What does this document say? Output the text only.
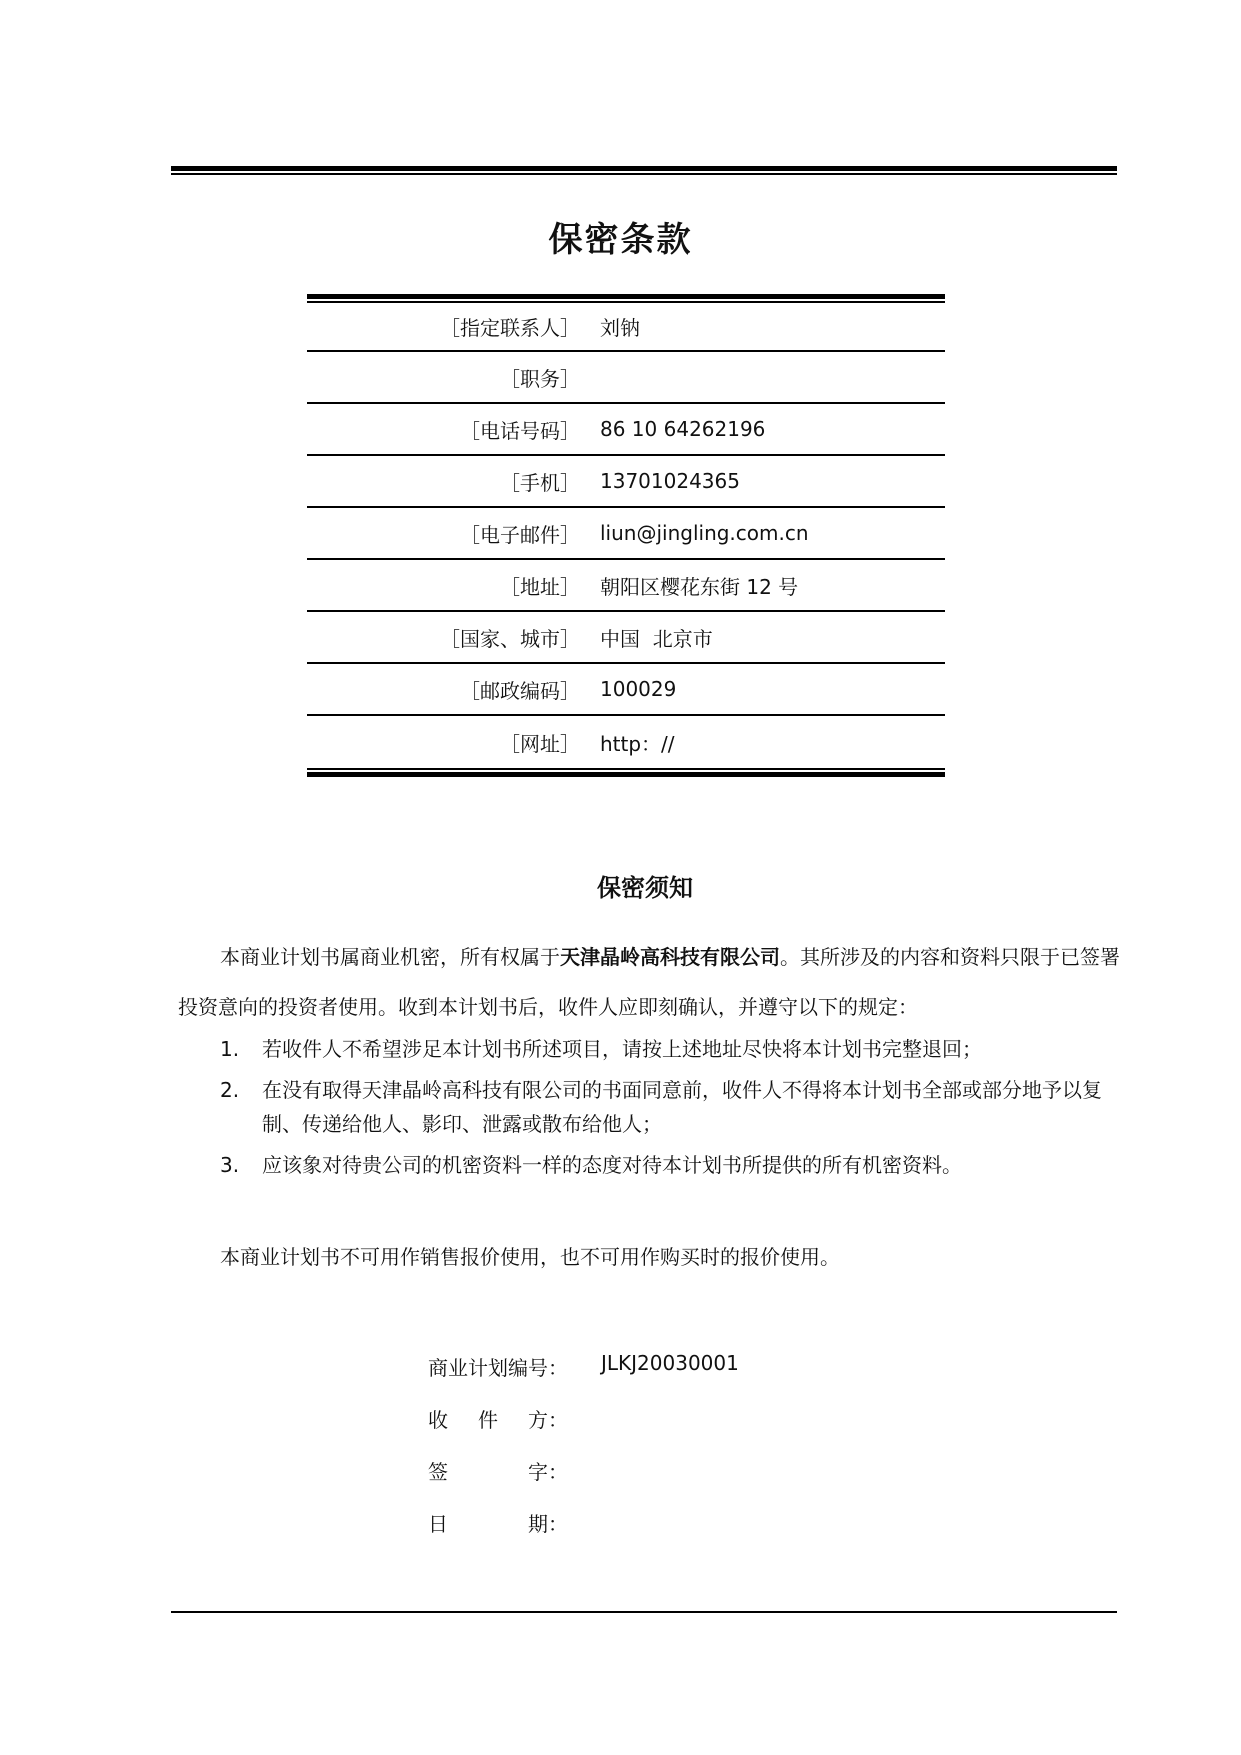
保密条款
［指定联系人］ 刘钠
［职务］
［电话号码］ 86 10 64262196
［手机］ 13701024365
［电子邮件］ liun@jingling.com.cn
［地址］ 朝阳区樱花东街 12 号
［国家、城市］ 中国  北京市
［邮政编码］ 100029
［网址］ http：//
保密须知
本商业计划书属商业机密，所有权属于天津晶岭高科技有限公司。其所涉及的内容和资料只限于已签署投资意向的投资者使用。收到本计划书后，收件人应即刻确认，并遵守以下的规定：
1.	若收件人不希望涉足本计划书所述项目，请按上述地址尽快将本计划书完整退回；
2.	在没有取得天津晶岭高科技有限公司的书面同意前，收件人不得将本计划书全部或部分地予以复制、传递给他人、影印、泄露或散布给他人；
3.	应该象对待贵公司的机密资料一样的态度对待本计划书所提供的所有机密资料。
本商业计划书不可用作销售报价使用，也不可用作购买时的报价使用。
商业计划编号： JLKJ20030001
收 件 方：
签	字：
日	期：
